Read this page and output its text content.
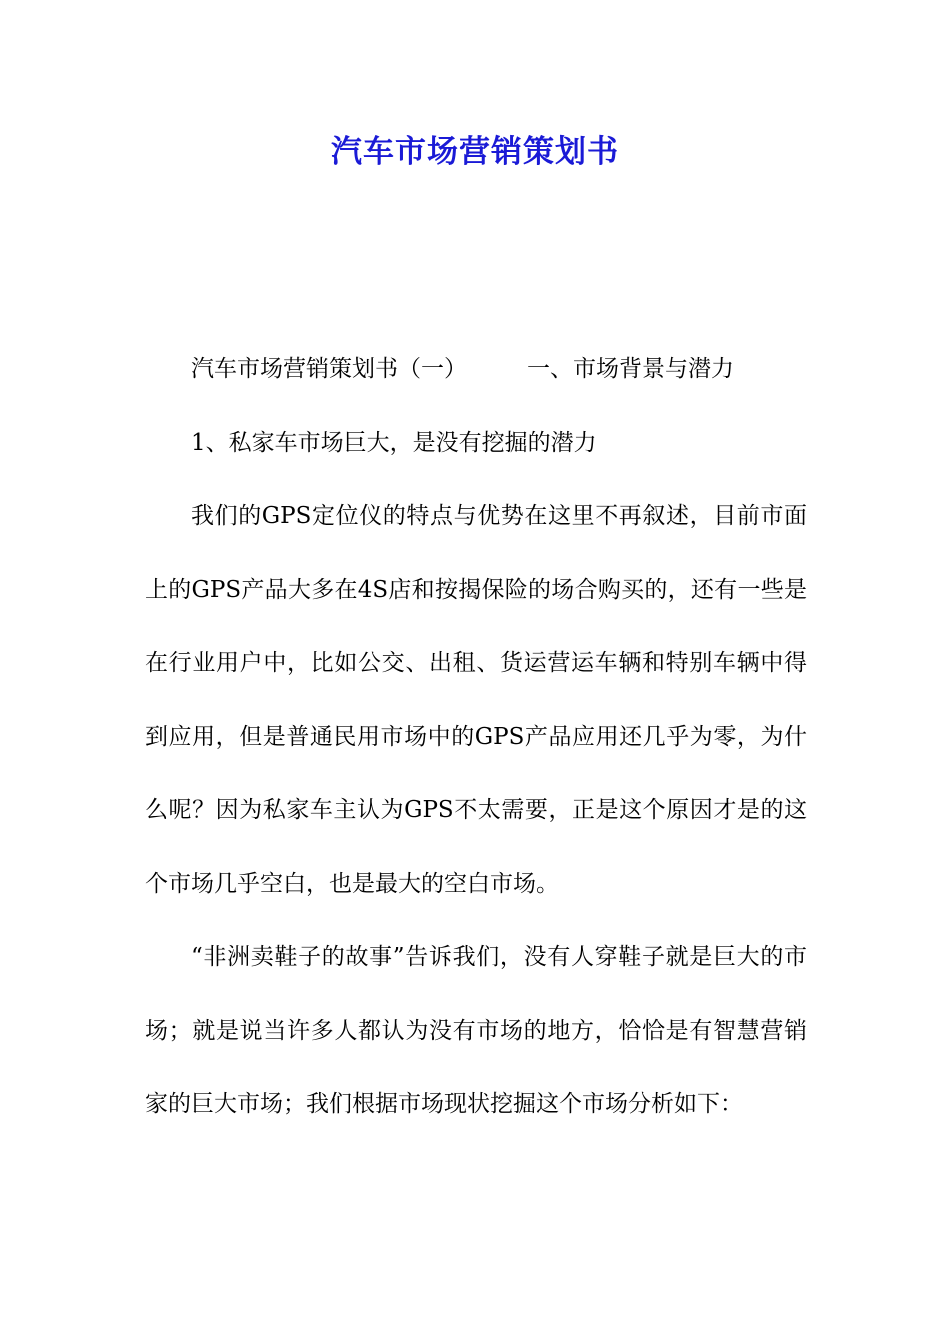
汽车市场营销策划书

汽车市场营销策划书（一）	一、市场背景与潜力

1、私家车市场巨大，是没有挖掘的潜力

我们的GPS定位仪的特点与优势在这里不再叙述，目前市面上的GPS产品大多在4S店和按揭保险的场合购买的，还有一些是在行业用户中，比如公交、出租、货运营运车辆和特别车辆中得到应用，但是普通民用市场中的GPS产品应用还几乎为零，为什么呢？因为私家车主认为GPS不太需要，正是这个原因才是的这个市场几乎空白，也是最大的空白市场。

“非洲卖鞋子的故事”告诉我们，没有人穿鞋子就是巨大的市场；就是说当许多人都认为没有市场的地方，恰恰是有智慧营销家的巨大市场；我们根据市场现状挖掘这个市场分析如下：
